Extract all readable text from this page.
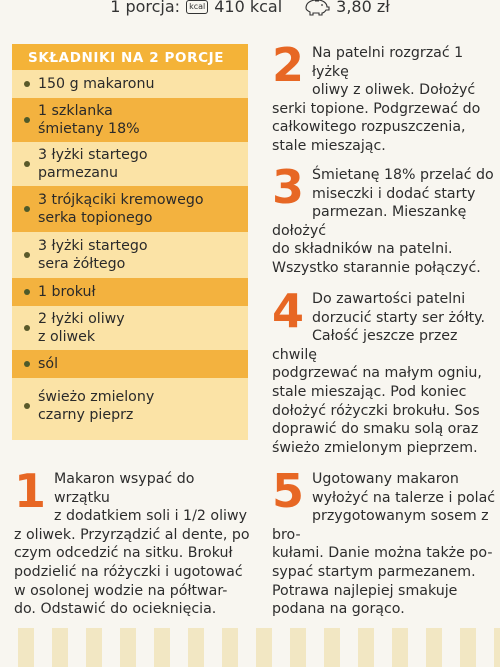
1 porcja:	kcal 410 kcal	3,80 zł
SKŁADNIKI NA 2 PORCJE
150 g makaronu
1 szklanka
śmietany 18%
3 łyżki startego
parmezanu
3 trójkąciki kremowego
serka topionego
3 łyżki startego
sera żółtego
1 brokuł
2 łyżki oliwy
z oliwek
sól
świeżo zmielony
czarny pieprz
1 Makaron wsypać do wrzątku
z dodatkiem soli i 1/2 oliwy
z oliwek. Przyrządzić al dente, po
czym odcedzić na sitku. Brokuł
podzielić na różyczki i ugotować
w osolonej wodzie na półtwar-
do. Odstawić do ocieknięcia.

2 Na patelni rozgrzać 1 łyżkę
oliwy z oliwek. Dołożyć
serki topione. Podgrzewać do
całkowitego rozpuszczenia,
stale mieszając.

3 Śmietanę 18% przelać do
miseczki i dodać starty
parmezan. Mieszankę dołożyć
do składników na patelni.
Wszystko starannie połączyć.

4 Do zawartości patelni
dorzucić starty ser żółty.
Całość jeszcze przez chwilę
podgrzewać na małym ogniu,
stale mieszając. Pod koniec
dołożyć różyczki brokułu. Sos
doprawić do smaku solą oraz
świeżo zmielonym pieprzem.

5 Ugotowany makaron
wyłożyć na talerze i polać
przygotowanym sosem z bro-
kułami. Danie można także po-
sypać startym parmezanem.
Potrawa najlepiej smakuje
podana na gorąco.
